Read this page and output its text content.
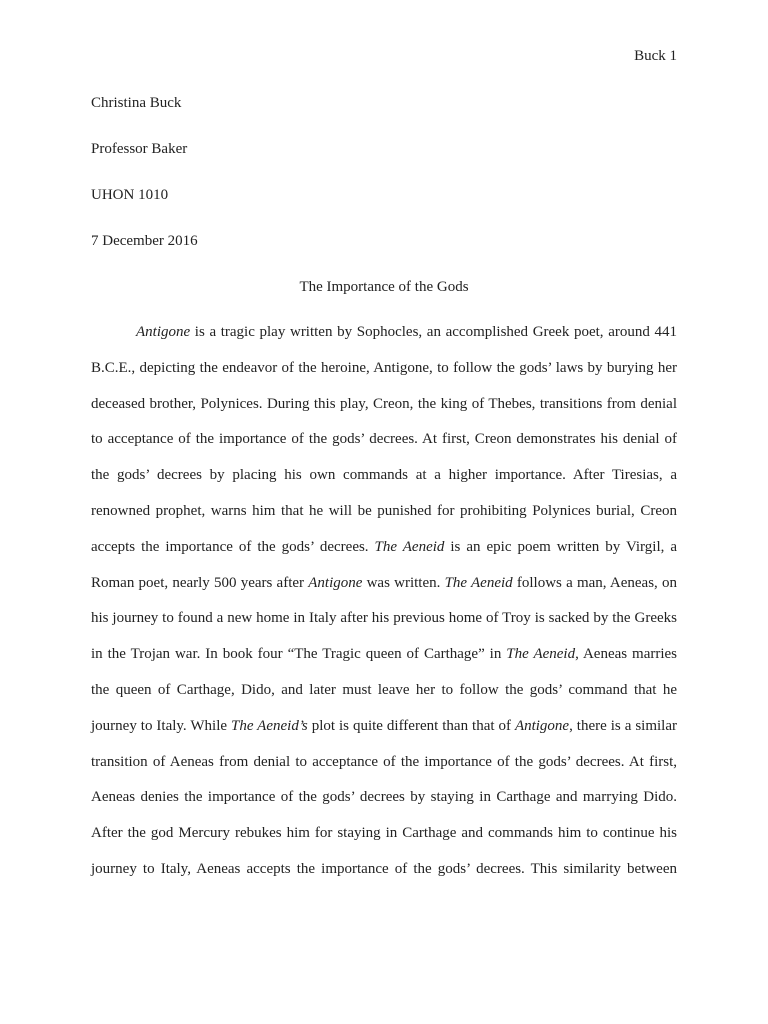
Buck 1
Christina Buck
Professor Baker
UHON 1010
7 December 2016
The Importance of the Gods
Antigone is a tragic play written by Sophocles, an accomplished Greek poet, around 441
B.C.E., depicting the endeavor of the heroine, Antigone, to follow the gods’ laws by burying her
deceased brother, Polynices. During this play, Creon, the king of Thebes, transitions from denial
to acceptance of the importance of the gods’ decrees. At first, Creon demonstrates his denial of
the gods’ decrees by placing his own commands at a higher importance. After Tiresias, a
renowned prophet, warns him that he will be punished for prohibiting Polynices burial, Creon
accepts the importance of the gods’ decrees. The Aeneid is an epic poem written by Virgil, a
Roman poet, nearly 500 years after Antigone was written. The Aeneid follows a man, Aeneas, on
his journey to found a new home in Italy after his previous home of Troy is sacked by the Greeks
in the Trojan war. In book four “The Tragic queen of Carthage” in The Aeneid, Aeneas marries
the queen of Carthage, Dido, and later must leave her to follow the gods’ command that he
journey to Italy. While The Aeneid’s plot is quite different than that of Antigone, there is a similar
transition of Aeneas from denial to acceptance of the importance of the gods’ decrees. At first,
Aeneas denies the importance of the gods’ decrees by staying in Carthage and marrying Dido.
After the god Mercury rebukes him for staying in Carthage and commands him to continue his
journey to Italy, Aeneas accepts the importance of the gods’ decrees. This similarity between
